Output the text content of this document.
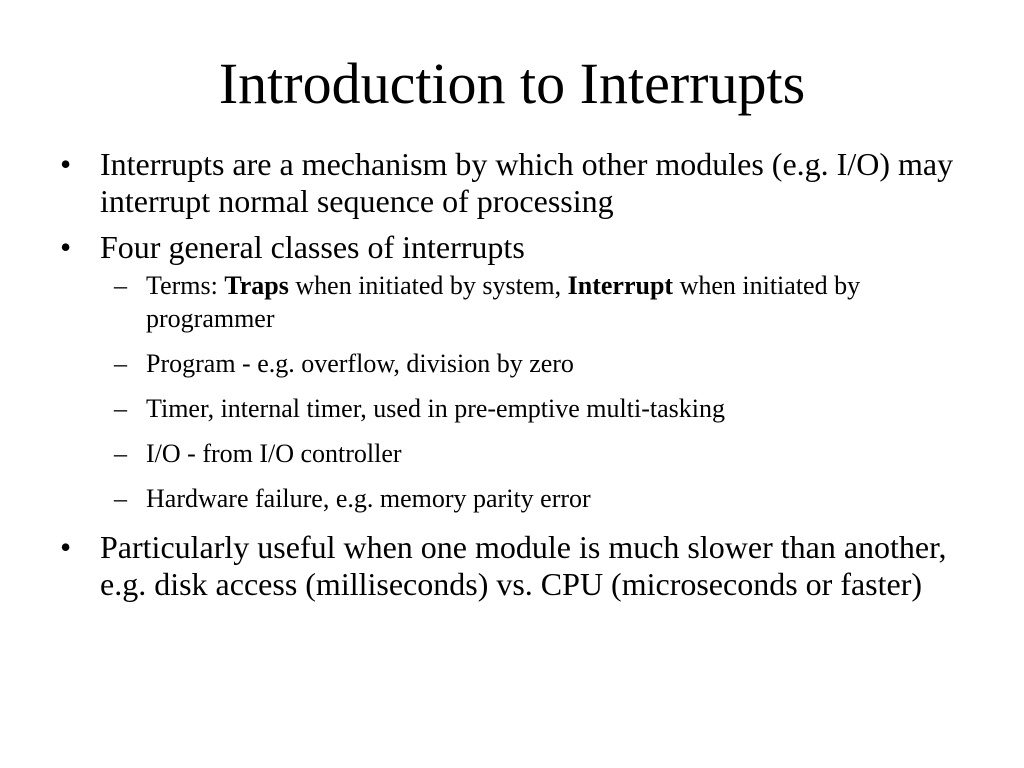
Introduction to Interrupts
• Interrupts are a mechanism by which other modules (e.g. I/O) may interrupt normal sequence of processing
• Four general classes of interrupts
– Terms: Traps when initiated by system, Interrupt when initiated by programmer
– Program - e.g. overflow, division by zero
– Timer, internal timer, used in pre-emptive multi-tasking
– I/O - from I/O controller
– Hardware failure, e.g. memory parity error
• Particularly useful when one module is much slower than another, e.g. disk access (milliseconds) vs. CPU (microseconds or faster)
